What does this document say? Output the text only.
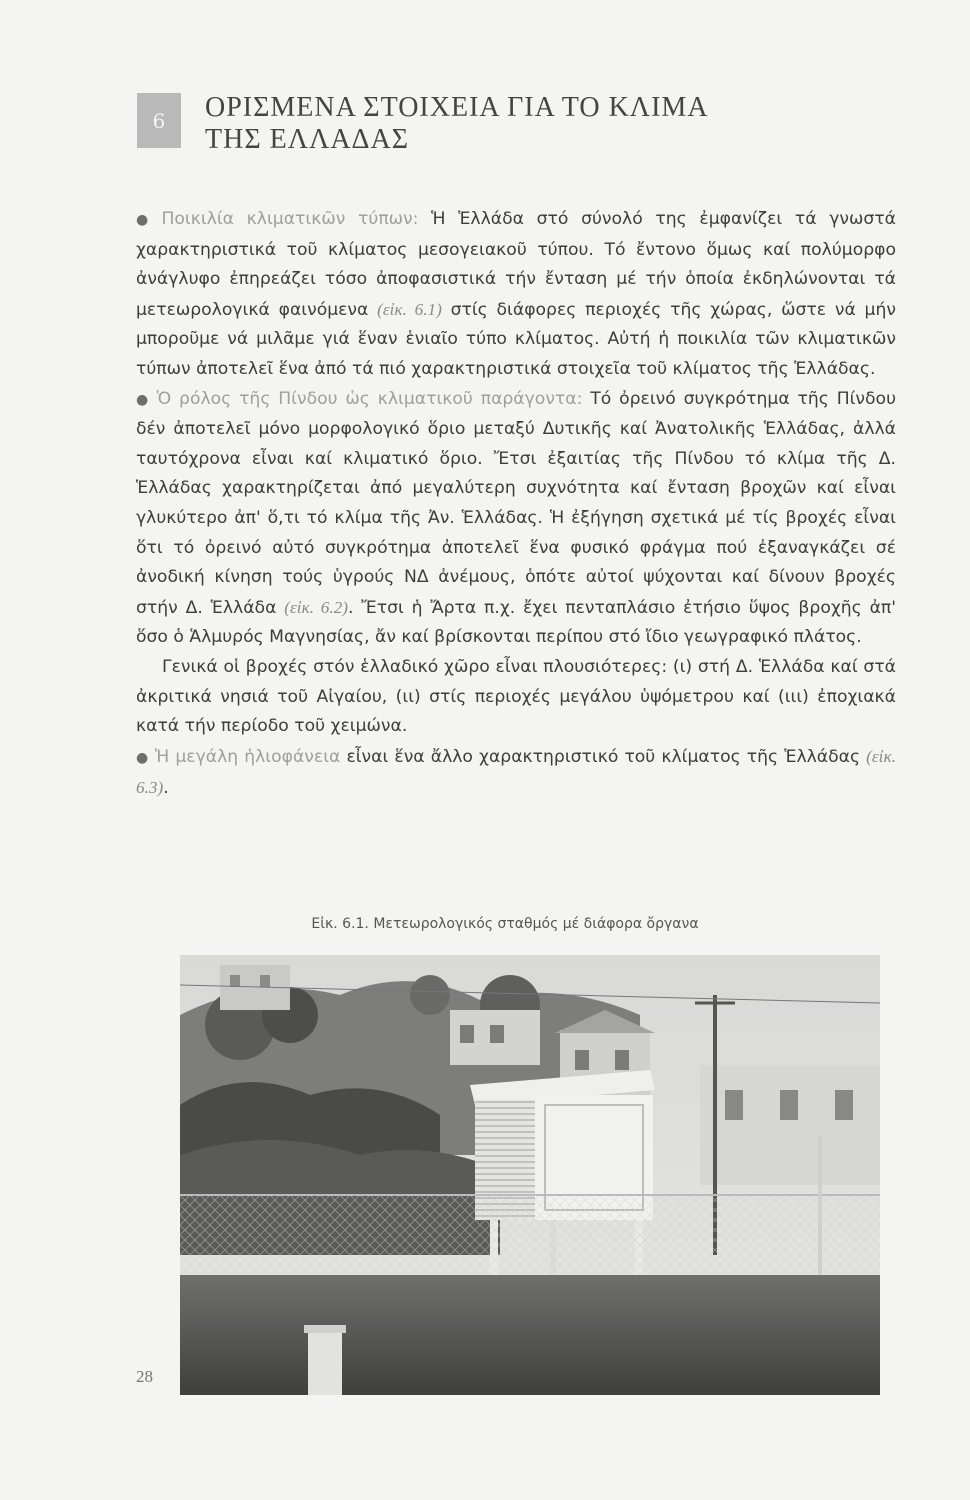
6 ΟΡΙΣΜΕΝΑ ΣΤΟΙΧΕΙΑ ΓΙΑ ΤΟ ΚΛΙΜΑ
ΤΗΣ ΕΛΛΑΔΑΣ

● Ποικιλία κλιματικῶν τύπων: Ἡ Ἑλλάδα στό σύνολό της ἐμφανίζει τά γνωστά χαρακτηριστικά τοῦ κλίματος μεσογειακοῦ τύπου. Τό ἔντονο ὅμως καί πολύμορφο ἀνάγλυφο ἐπηρεάζει τόσο ἀποφασιστικά τήν ἔνταση μέ τήν ὁποία ἐκδηλώνονται τά μετεωρολογικά φαινόμενα (εἰκ. 6.1) στίς διάφορες περιοχές τῆς χώρας, ὥστε νά μήν μποροῦμε νά μιλᾶμε γιά ἕναν ἑνιαῖο τύπο κλίματος. Αὐτή ἡ ποικιλία τῶν κλιματικῶν τύπων ἀποτελεῖ ἕνα ἀπό τά πιό χαρακτηριστικά στοιχεῖα τοῦ κλίματος τῆς Ἑλλάδας.

● Ὁ ρόλος τῆς Πίνδου ὡς κλιματικοῦ παράγοντα: Τό ὀρεινό συγκρότημα τῆς Πίνδου δέν ἀποτελεῖ μόνο μορφολογικό ὅριο μεταξύ Δυτικῆς καί Ἀνατολικῆς Ἑλλάδας, ἀλλά ταυτόχρονα εἶναι καί κλιματικό ὅριο. Ἔτσι ἐξαιτίας τῆς Πίνδου τό κλίμα τῆς Δ. Ἑλλάδας χαρακτηρίζεται ἀπό μεγαλύτερη συχνότητα καί ἔνταση βροχῶν καί εἶναι γλυκύτερο ἀπ' ὅ,τι τό κλίμα τῆς Ἀν. Ἑλλάδας. Ἡ ἐξήγηση σχετικά μέ τίς βροχές εἶναι ὅτι τό ὀρεινό αὐτό συγκρότημα ἀποτελεῖ ἕνα φυσικό φράγμα πού ἐξαναγκάζει σέ ἀνοδική κίνηση τούς ὑγρούς ΝΔ ἀνέμους, ὁπότε αὐτοί ψύχονται καί δίνουν βροχές στήν Δ. Ἑλλάδα (εἰκ. 6.2). Ἔτσι ἡ Ἄρτα π.χ. ἔχει πενταπλάσιο ἐτήσιο ὕψος βροχῆς ἀπ' ὅσο ὁ Ἁλμυρός Μαγνησίας, ἄν καί βρίσκονται περίπου στό ἴδιο γεωγραφικό πλάτος.

Γενικά οἱ βροχές στόν ἑλλαδικό χῶρο εἶναι πλουσιότερες: (ι) στή Δ. Ἑλλάδα καί στά ἀκριτικά νησιά τοῦ Αἰγαίου, (ιι) στίς περιοχές μεγάλου ὑψόμετρου καί (ιιι) ἐποχιακά κατά τήν περίοδο τοῦ χειμώνα.

● Ἡ μεγάλη ἡλιοφάνεια εἶναι ἕνα ἄλλο χαρακτηριστικό τοῦ κλίματος τῆς Ἑλλάδας (εἰκ. 6.3).

Εἰκ. 6.1. Μετεωρολογικός σταθμός μέ διάφορα ὄργανα
28
